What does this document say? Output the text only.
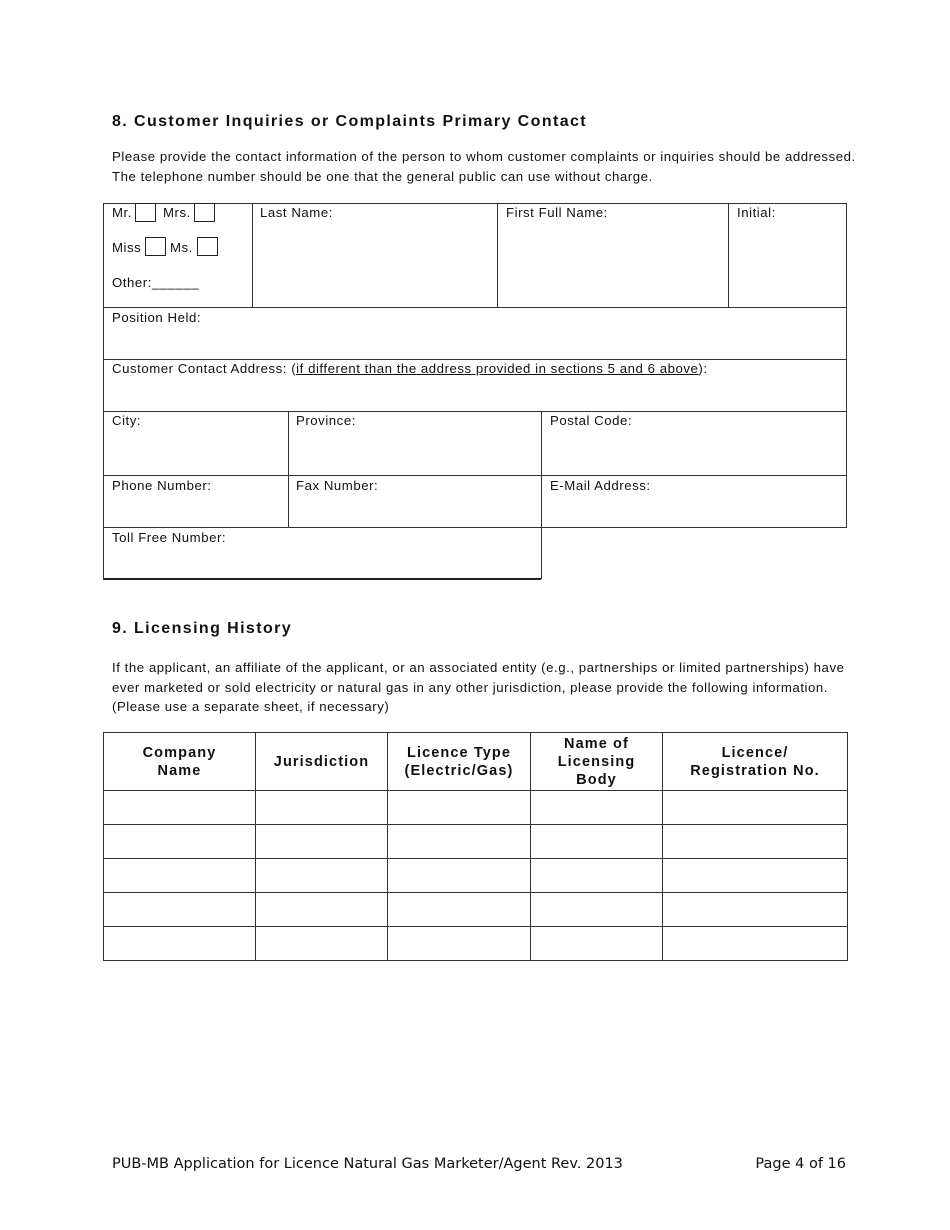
8. Customer Inquiries or Complaints Primary Contact

Please provide the contact information of the person to whom customer complaints or inquiries should be addressed. The telephone number should be one that the general public can use without charge.

Mr. Mrs.
Miss Ms.
Other:______
Last Name:	First Full Name:	Initial:
Position Held:
Customer Contact Address: (if different than the address provided in sections 5 and 6 above):
City:	Province:	Postal Code:
Phone Number:	Fax Number:	E-Mail Address:
Toll Free Number:
9. Licensing History

If the applicant, an affiliate of the applicant, or an associated entity (e.g., partnerships or limited partnerships) have ever marketed or sold electricity or natural gas in any other jurisdiction, please provide the following information. (Please use a separate sheet, if necessary)

Company Name	Jurisdiction	Licence Type (Electric/Gas)	Name of Licensing Body	Licence/ Registration No.

PUB-MB Application for Licence Natural Gas Marketer/Agent Rev. 2013	Page 4 of 16
